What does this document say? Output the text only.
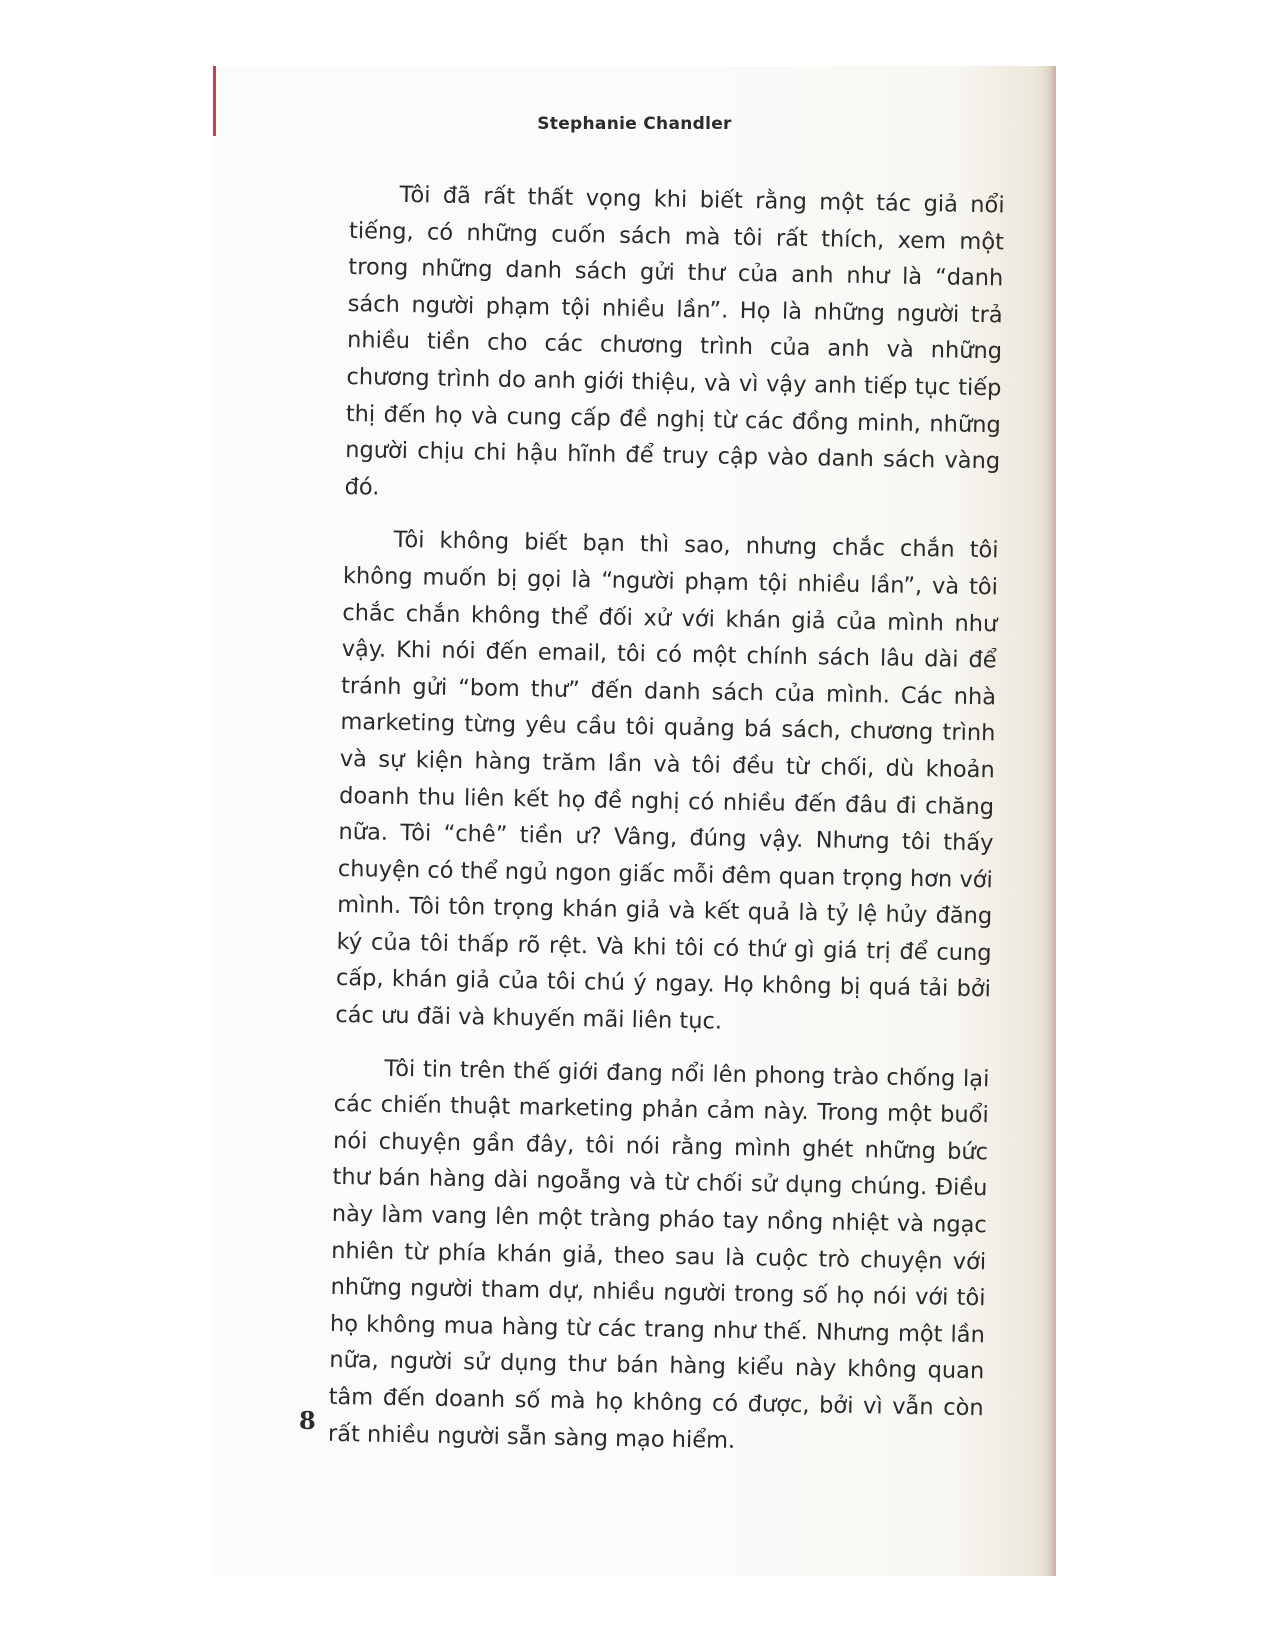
Stephanie Chandler

Tôi đã rất thất vọng khi biết rằng một tác giả nổi tiếng, có những cuốn sách mà tôi rất thích, xem một trong những danh sách gửi thư của anh như là “danh sách người phạm tội nhiều lần”. Họ là những người trả nhiều tiền cho các chương trình của anh và những chương trình do anh giới thiệu, và vì vậy anh tiếp tục tiếp thị đến họ và cung cấp đề nghị từ các đồng minh, những người chịu chi hậu hĩnh để truy cập vào danh sách vàng đó.

Tôi không biết bạn thì sao, nhưng chắc chắn tôi không muốn bị gọi là “người phạm tội nhiều lần”, và tôi chắc chắn không thể đối xử với khán giả của mình như vậy. Khi nói đến email, tôi có một chính sách lâu dài để tránh gửi “bom thư” đến danh sách của mình. Các nhà marketing từng yêu cầu tôi quảng bá sách, chương trình và sự kiện hàng trăm lần và tôi đều từ chối, dù khoản doanh thu liên kết họ đề nghị có nhiều đến đâu đi chăng nữa. Tôi “chê” tiền ư? Vâng, đúng vậy. Nhưng tôi thấy chuyện có thể ngủ ngon giấc mỗi đêm quan trọng hơn với mình. Tôi tôn trọng khán giả và kết quả là tỷ lệ hủy đăng ký của tôi thấp rõ rệt. Và khi tôi có thứ gì giá trị để cung cấp, khán giả của tôi chú ý ngay. Họ không bị quá tải bởi các ưu đãi và khuyến mãi liên tục.

Tôi tin trên thế giới đang nổi lên phong trào chống lại các chiến thuật marketing phản cảm này. Trong một buổi nói chuyện gần đây, tôi nói rằng mình ghét những bức thư bán hàng dài ngoẵng và từ chối sử dụng chúng. Điều này làm vang lên một tràng pháo tay nồng nhiệt và ngạc nhiên từ phía khán giả, theo sau là cuộc trò chuyện với những người tham dự, nhiều người trong số họ nói với tôi họ không mua hàng từ các trang như thế. Nhưng một lần nữa, người sử dụng thư bán hàng kiểu này không quan tâm đến doanh số mà họ không có được, bởi vì vẫn còn rất nhiều người sẵn sàng mạo hiểm.

8
